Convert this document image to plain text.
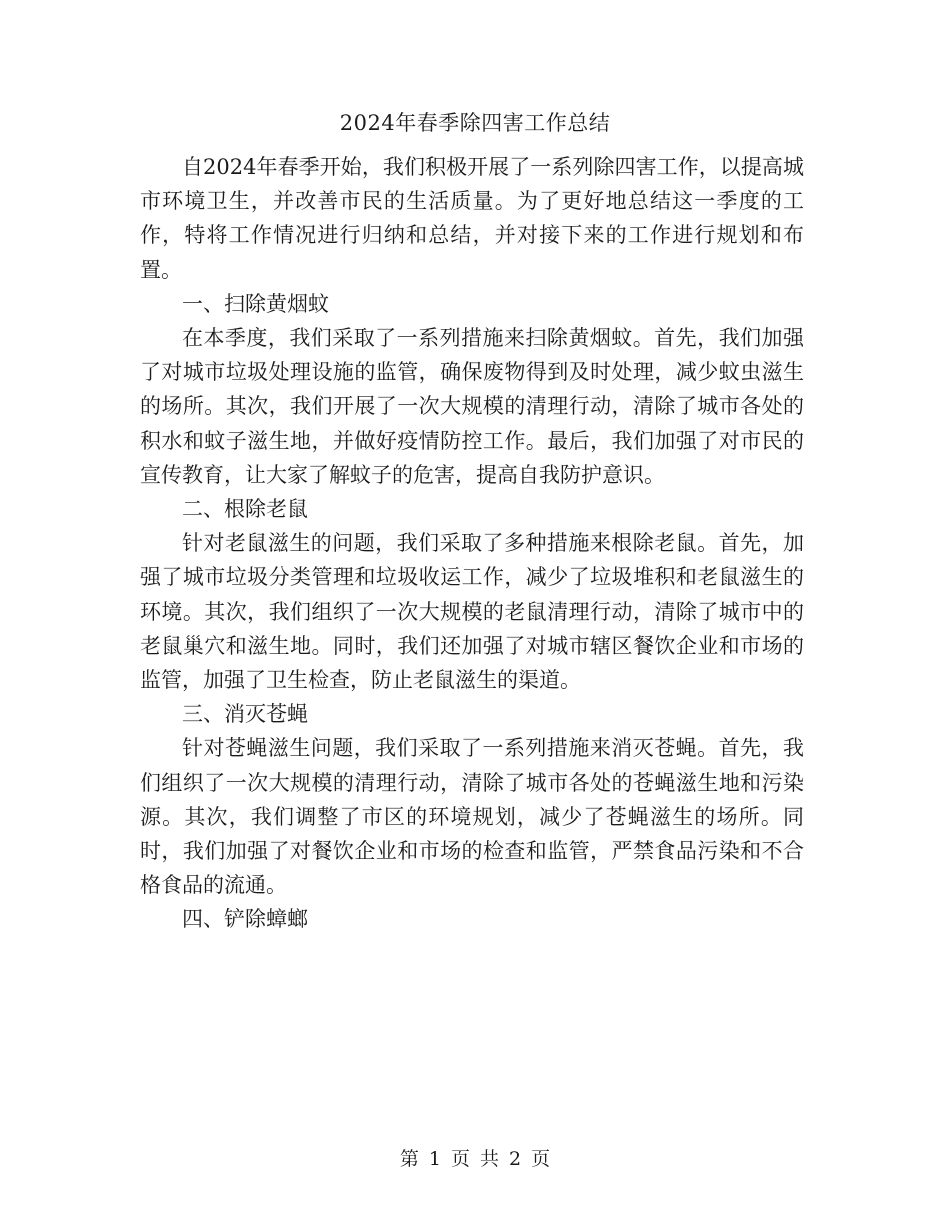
2024年春季除四害工作总结

自2024年春季开始，我们积极开展了一系列除四害工作，以提高城市环境卫生，并改善市民的生活质量。为了更好地总结这一季度的工作，特将工作情况进行归纳和总结，并对接下来的工作进行规划和布置。

一、扫除黄烟蚊

在本季度，我们采取了一系列措施来扫除黄烟蚊。首先，我们加强了对城市垃圾处理设施的监管，确保废物得到及时处理，减少蚊虫滋生的场所。其次，我们开展了一次大规模的清理行动，清除了城市各处的积水和蚊子滋生地，并做好疫情防控工作。最后，我们加强了对市民的宣传教育，让大家了解蚊子的危害，提高自我防护意识。

二、根除老鼠

针对老鼠滋生的问题，我们采取了多种措施来根除老鼠。首先，加强了城市垃圾分类管理和垃圾收运工作，减少了垃圾堆积和老鼠滋生的环境。其次，我们组织了一次大规模的老鼠清理行动，清除了城市中的老鼠巢穴和滋生地。同时，我们还加强了对城市辖区餐饮企业和市场的监管，加强了卫生检查，防止老鼠滋生的渠道。

三、消灭苍蝇

针对苍蝇滋生问题，我们采取了一系列措施来消灭苍蝇。首先，我们组织了一次大规模的清理行动，清除了城市各处的苍蝇滋生地和污染源。其次，我们调整了市区的环境规划，减少了苍蝇滋生的场所。同时，我们加强了对餐饮企业和市场的检查和监管，严禁食品污染和不合格食品的流通。

四、铲除蟑螂

第 1 页 共 2 页
